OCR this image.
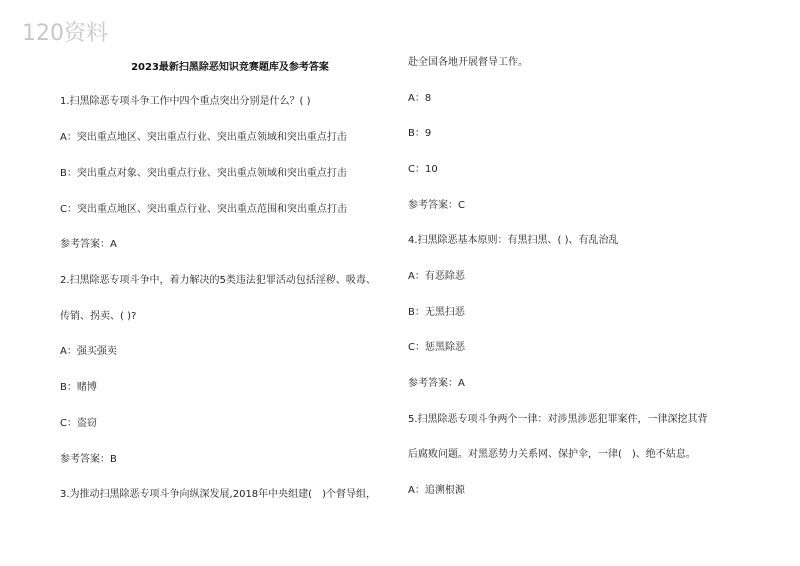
120资料
2023最新扫黑除恶知识竞赛题库及参考答案
1.扫黑除恶专项斗争工作中四个重点突出分别是什么？( )
A：突出重点地区、突出重点行业、突出重点领域和突出重点打击
B：突出重点对象、突出重点行业、突出重点领域和突出重点打击
C：突出重点地区、突出重点行业、突出重点范围和突出重点打击
参考答案：A
2.扫黑除恶专项斗争中，着力解决的5类违法犯罪活动包括淫秽、吸毒、
传销、拐卖、( )?
A：强买强卖
B：赌博
C：盗窃
参考答案：B
3.为推动扫黑除恶专项斗争向纵深发展,2018年中央组建(　)个督导组，
赴全国各地开展督导工作。
A：8
B：9
C：10
参考答案：C
4.扫黑除恶基本原则：有黑扫黑、( )、有乱治乱
A：有恶除恶
B：无黑扫恶
C：惩黑除恶
参考答案：A
5.扫黑除恶专项斗争两个一律：对涉黑涉恶犯罪案件，一律深挖其背
后腐败问题。对黑恶势力关系网、保护伞，一律(　)、绝不姑息。
A：追溯根源
